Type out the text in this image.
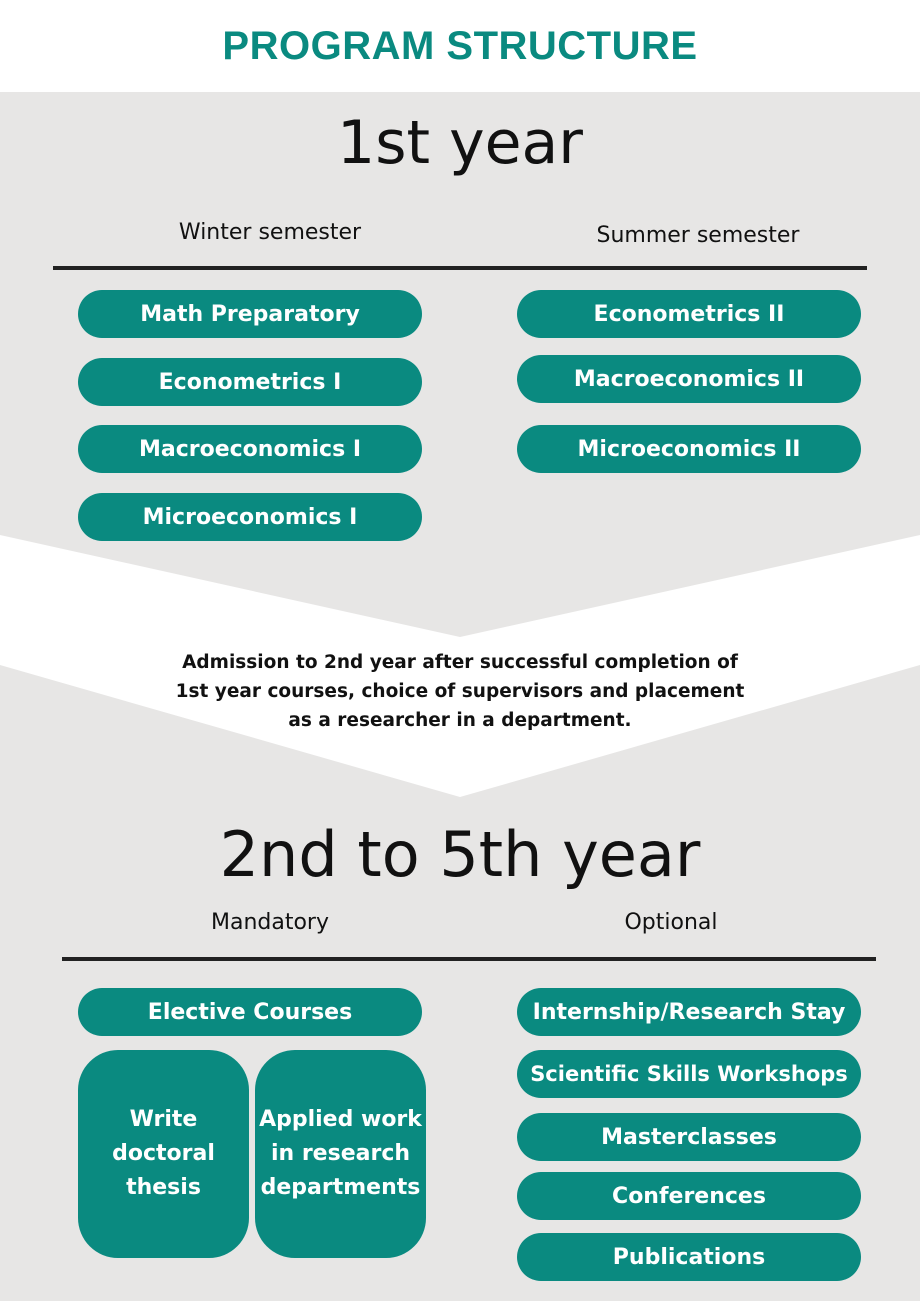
PROGRAM STRUCTURE
1st year
Winter semester	Summer semester
Math Preparatory
Econometrics I
Macroeconomics I
Microeconomics I
Econometrics II
Macroeconomics II
Microeconomics II
Admission to 2nd year after successful completion of
1st year courses, choice of supervisors and placement
as a researcher in a department.
2nd to 5th year
Mandatory	Optional
Elective Courses
Write
doctoral
thesis
Applied work
in research
departments
Internship/Research Stay
Scientific Skills Workshops
Masterclasses
Conferences
Publications
